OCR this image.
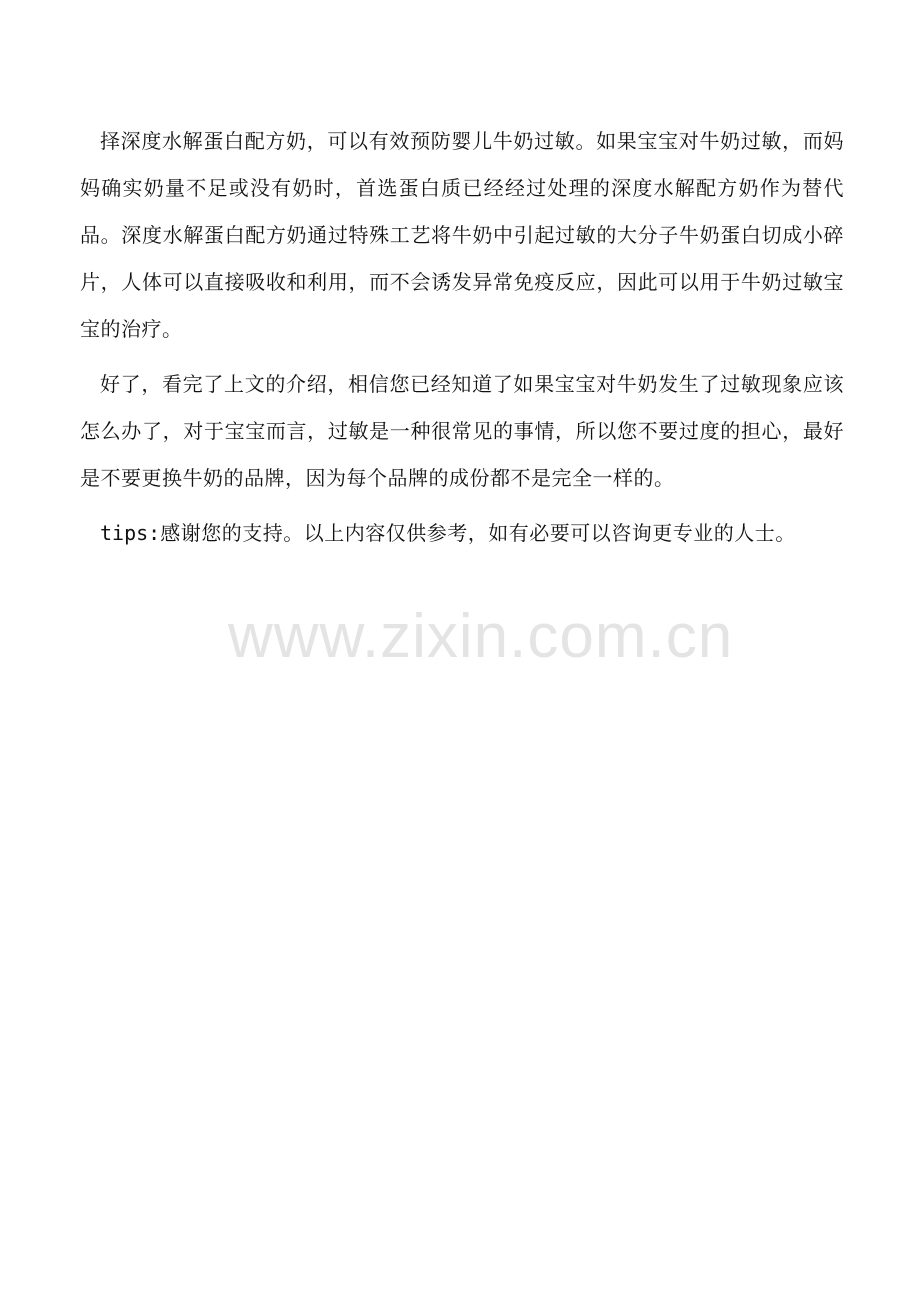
www.zixin.com.cn

择深度水解蛋白配方奶，可以有效预防婴儿牛奶过敏。如果宝宝对牛奶过敏，而妈妈确实奶量不足或没有奶时，首选蛋白质已经经过处理的深度水解配方奶作为替代品。深度水解蛋白配方奶通过特殊工艺将牛奶中引起过敏的大分子牛奶蛋白切成小碎片，人体可以直接吸收和利用，而不会诱发异常免疫反应，因此可以用于牛奶过敏宝宝的治疗。

好了，看完了上文的介绍，相信您已经知道了如果宝宝对牛奶发生了过敏现象应该怎么办了，对于宝宝而言，过敏是一种很常见的事情，所以您不要过度的担心，最好是不要更换牛奶的品牌，因为每个品牌的成份都不是完全一样的。

tips:感谢您的支持。以上内容仅供参考，如有必要可以咨询更专业的人士。
